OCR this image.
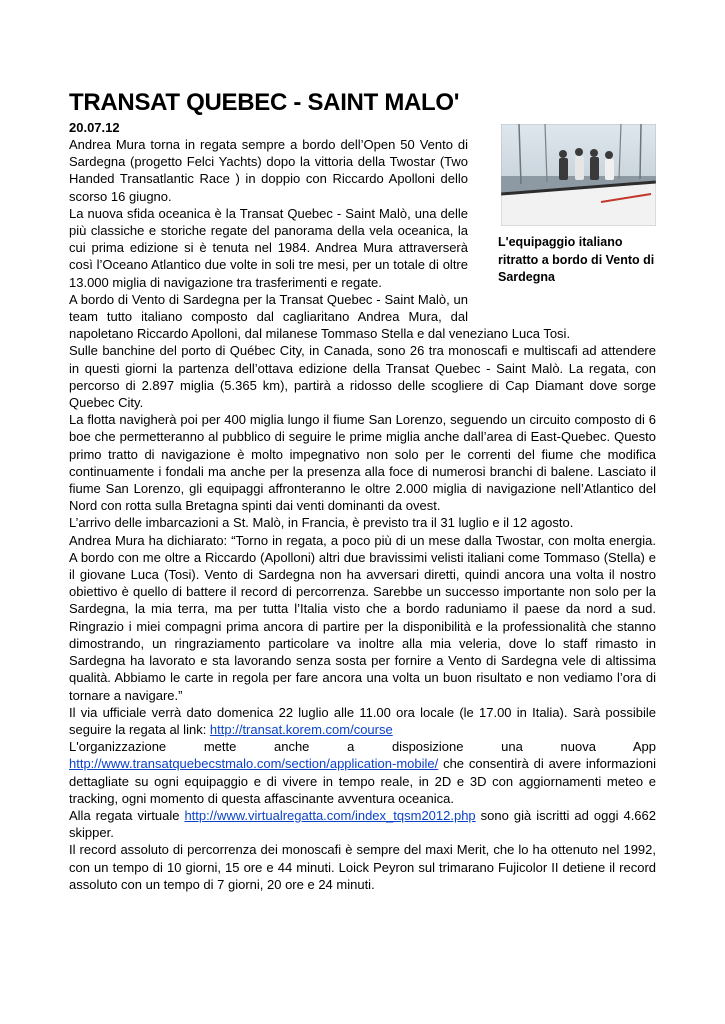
TRANSAT QUEBEC - SAINT MALO'
20.07.12
L'equipaggio italiano ritratto a bordo di Vento di Sardegna

Andrea Mura torna in regata sempre a bordo dell’Open 50 Vento di Sardegna (progetto Felci Yachts) dopo la vittoria della Twostar (Two Handed Transatlantic Race ) in doppio con Riccardo Apolloni dello scorso 16 giugno.

La nuova sfida oceanica è la Transat Quebec - Saint Malò, una delle più classiche e storiche regate del panorama della vela oceanica, la cui prima edizione si è tenuta nel 1984. Andrea Mura attraverserà così l’Oceano Atlantico due volte in soli tre mesi, per un totale di oltre 13.000 miglia di navigazione tra trasferimenti e regate.

A bordo di Vento di Sardegna per la Transat Quebec - Saint Malò, un team tutto italiano composto dal cagliaritano Andrea Mura, dal napoletano Riccardo Apolloni, dal milanese Tommaso Stella e dal veneziano Luca Tosi.

Sulle banchine del porto di Québec City, in Canada, sono 26 tra monoscafi e multiscafi ad attendere in questi giorni la partenza dell’ottava edizione della Transat Quebec - Saint Malò. La regata, con percorso di 2.897 miglia (5.365 km), partirà a ridosso delle scogliere di Cap Diamant dove sorge Quebec City.

La flotta navigherà poi per 400 miglia lungo il fiume San Lorenzo, seguendo un circuito composto di 6 boe che permetteranno al pubblico di seguire le prime miglia anche dall’area di East-Quebec. Questo primo tratto di navigazione è molto impegnativo non solo per le correnti del fiume che modifica continuamente i fondali ma anche per la presenza alla foce di numerosi branchi di balene. Lasciato il fiume San Lorenzo, gli equipaggi affronteranno le oltre 2.000 miglia di navigazione nell’Atlantico del Nord con rotta sulla Bretagna spinti dai venti dominanti da ovest.

L’arrivo delle imbarcazioni a St. Malò, in Francia, è previsto tra il 31 luglio e il 12 agosto.

Andrea Mura ha dichiarato: “Torno in regata, a poco più di un mese dalla Twostar, con molta energia. A bordo con me oltre a Riccardo (Apolloni) altri due bravissimi velisti italiani come Tommaso (Stella) e il giovane Luca (Tosi). Vento di Sardegna non ha avversari diretti, quindi ancora una volta il nostro obiettivo è quello di battere il record di percorrenza. Sarebbe un successo importante non solo per la Sardegna, la mia terra, ma per tutta l’Italia visto che a bordo raduniamo il paese da nord a sud. Ringrazio i miei compagni prima ancora di partire per la disponibilità e la professionalità che stanno dimostrando, un ringraziamento particolare va inoltre alla mia veleria, dove lo staff rimasto in Sardegna ha lavorato e sta lavorando senza sosta per fornire a Vento di Sardegna vele di altissima qualità. Abbiamo le carte in regola per fare ancora una volta un buon risultato e non vediamo l’ora di tornare a navigare.”

Il via ufficiale verrà dato domenica 22 luglio alle 11.00 ora locale (le 17.00 in Italia). Sarà possibile seguire la regata al link: http://transat.korem.com/course

L'organizzazione mette anche a disposizione una nuova App
http://www.transatquebecstmalo.com/section/application-mobile/ che consentirà di avere informazioni dettagliate su ogni equipaggio e di vivere in tempo reale, in 2D e 3D con aggiornamenti meteo e tracking, ogni momento di questa affascinante avventura oceanica.

Alla regata virtuale http://www.virtualregatta.com/index_tqsm2012.php sono già iscritti ad oggi 4.662 skipper.

Il record assoluto di percorrenza dei monoscafi è sempre del maxi Merit, che lo ha ottenuto nel 1992, con un tempo di 10 giorni, 15 ore e 44 minuti. Loick Peyron sul trimarano Fujicolor II detiene il record assoluto con un tempo di 7 giorni, 20 ore e 24 minuti.
